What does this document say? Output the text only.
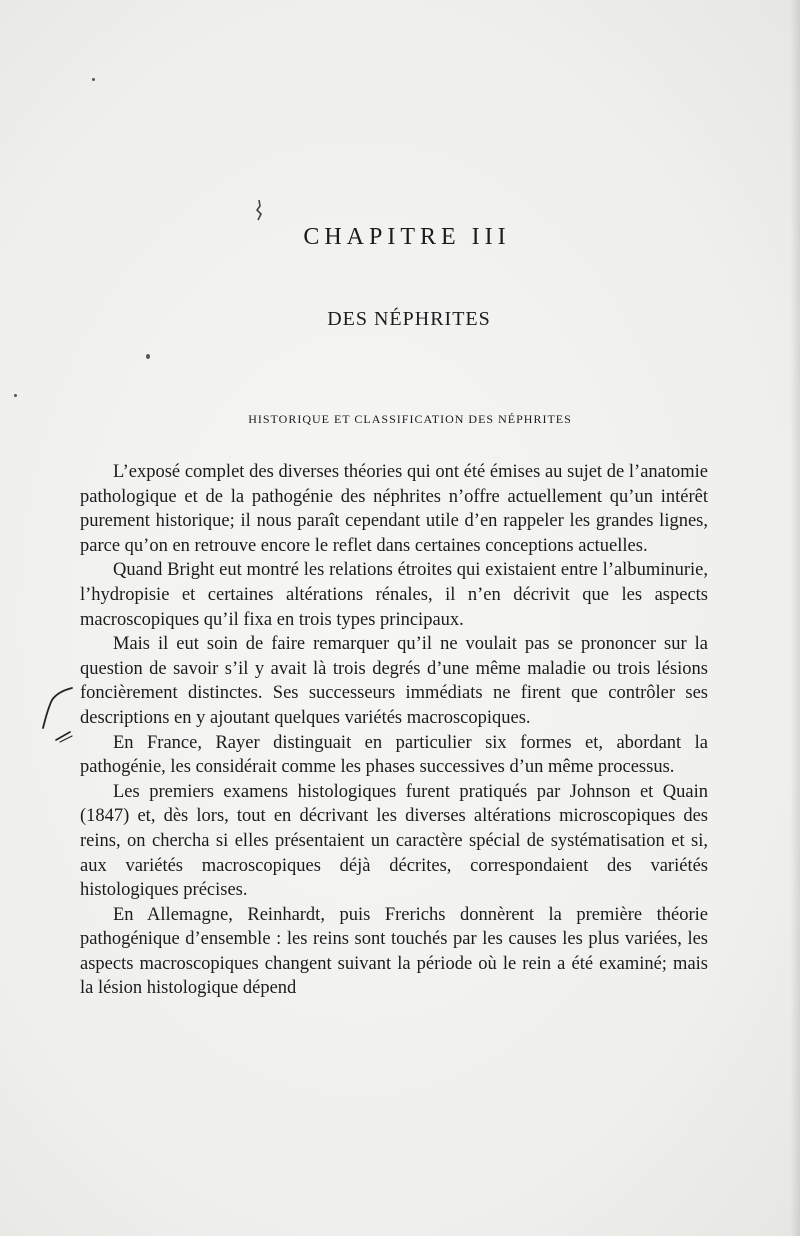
CHAPITRE III
DES NÉPHRITES
HISTORIQUE ET CLASSIFICATION DES NÉPHRITES

L’exposé complet des diverses théories qui ont été émises au sujet de l’anatomie pathologique et de la pathogénie des néphrites n’offre actuellement qu’un intérêt purement historique; il nous paraît cependant utile d’en rappeler les grandes lignes, parce qu’on en retrouve encore le reflet dans certaines conceptions actuelles.

Quand Bright eut montré les relations étroites qui existaient entre l’albuminurie, l’hydropisie et certaines altérations rénales, il n’en décrivit que les aspects macroscopiques qu’il fixa en trois types principaux.

Mais il eut soin de faire remarquer qu’il ne voulait pas se prononcer sur la question de savoir s’il y avait là trois degrés d’une même maladie ou trois lésions foncièrement distinctes. Ses successeurs immédiats ne firent que contrôler ses descriptions en y ajoutant quelques variétés macroscopiques.

En France, Rayer distinguait en particulier six formes et, abordant la pathogénie, les considérait comme les phases successives d’un même processus.

Les premiers examens histologiques furent pratiqués par Johnson et Quain (1847) et, dès lors, tout en décrivant les diverses altérations microscopiques des reins, on chercha si elles présentaient un caractère spécial de systématisation et si, aux variétés macroscopiques déjà décrites, correspondaient des variétés histologiques précises.

En Allemagne, Reinhardt, puis Frerichs donnèrent la première théorie pathogénique d’ensemble : les reins sont touchés par les causes les plus variées, les aspects macroscopiques changent suivant la période où le rein a été examiné; mais la lésion histologique dépend
